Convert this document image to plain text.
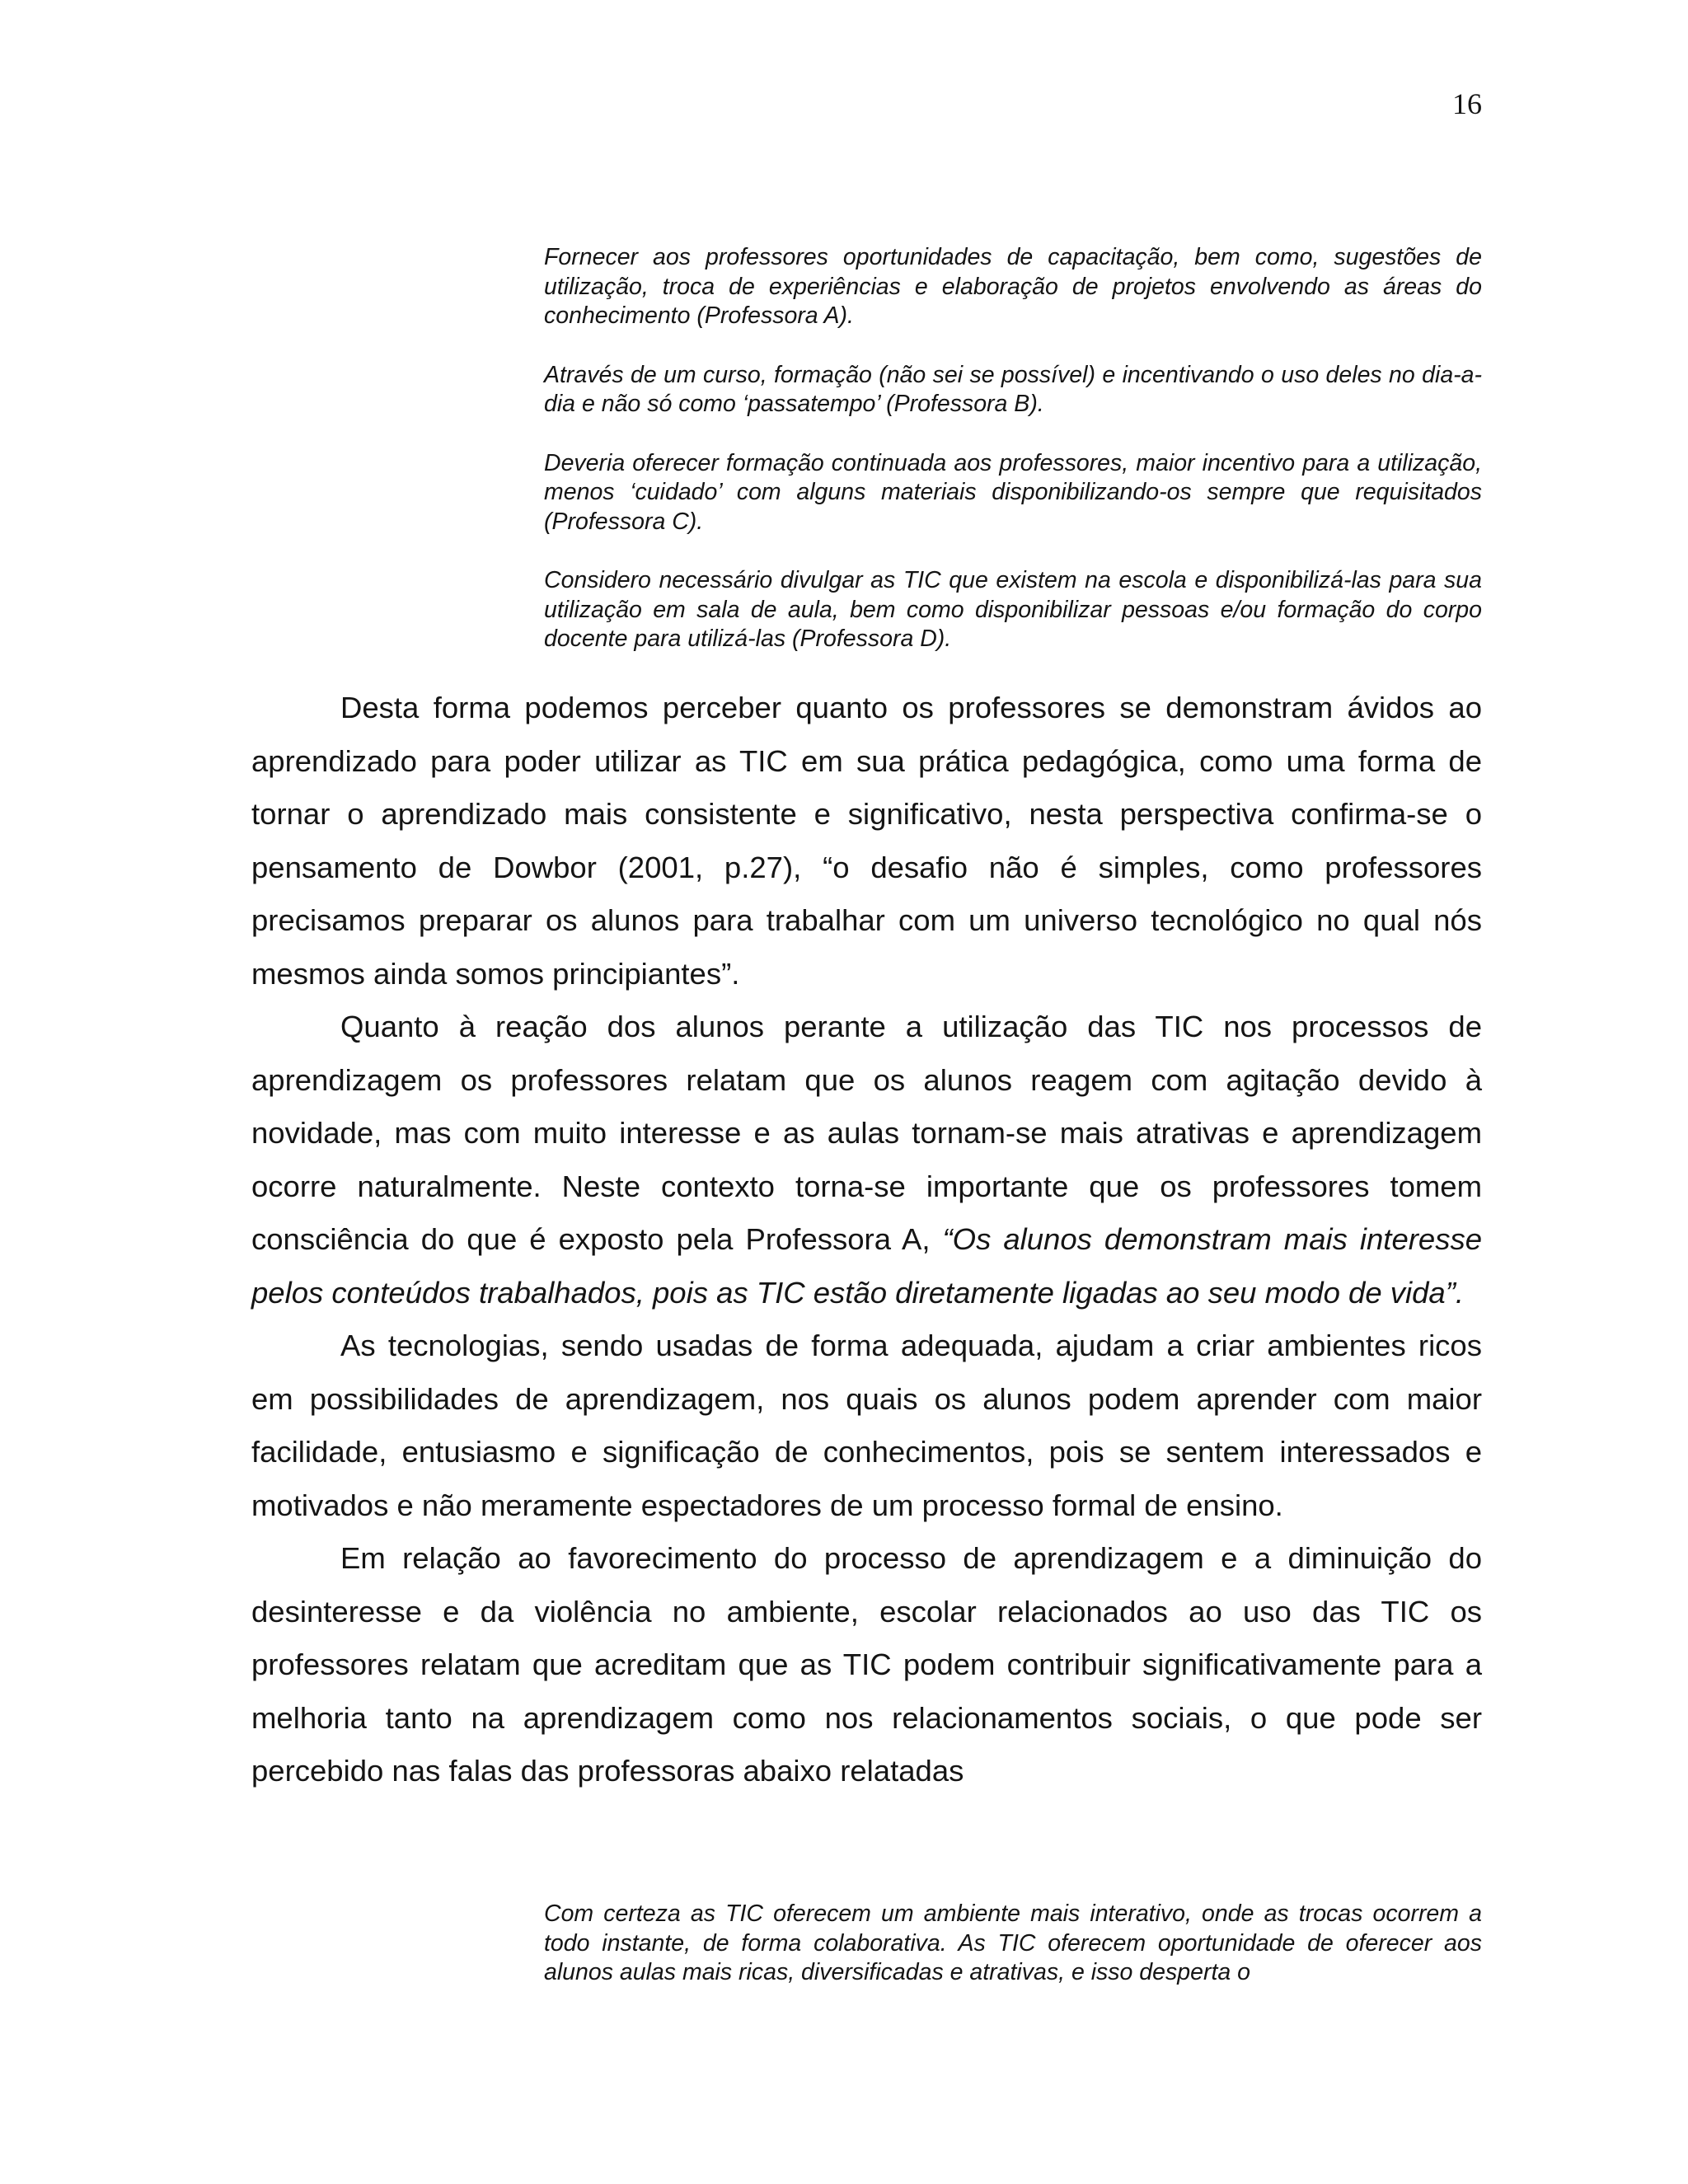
16

Fornecer aos professores oportunidades de capacitação, bem como, sugestões de utilização, troca de experiências e elaboração de projetos envolvendo as áreas do conhecimento (Professora A).

Através de um curso, formação (não sei se possível) e incentivando o uso deles no dia-a-dia e não só como ‘passatempo’ (Professora B).

Deveria oferecer formação continuada aos professores, maior incentivo para a utilização, menos ‘cuidado’ com alguns materiais disponibilizando-os sempre que requisitados (Professora C).

Considero necessário divulgar as TIC que existem na escola e disponibilizá-las para sua utilização em sala de aula, bem como disponibilizar pessoas e/ou formação do corpo docente para utilizá-las (Professora D).

Desta forma podemos perceber quanto os professores se demonstram ávidos ao aprendizado para poder utilizar as TIC em sua prática pedagógica, como uma forma de tornar o aprendizado mais consistente e significativo, nesta perspectiva confirma-se o pensamento de Dowbor (2001, p.27), “o desafio não é simples, como professores precisamos preparar os alunos para trabalhar com um universo tecnológico no qual nós mesmos ainda somos principiantes”.

Quanto à reação dos alunos perante a utilização das TIC nos processos de aprendizagem os professores relatam que os alunos reagem com agitação devido à novidade, mas com muito interesse e as aulas tornam-se mais atrativas e aprendizagem ocorre naturalmente. Neste contexto torna-se importante que os professores tomem consciência do que é exposto pela Professora A, “Os alunos demonstram mais interesse pelos conteúdos trabalhados, pois as TIC estão diretamente ligadas ao seu modo de vida”.

As tecnologias, sendo usadas de forma adequada, ajudam a criar ambientes ricos em possibilidades de aprendizagem, nos quais os alunos podem aprender com maior facilidade, entusiasmo e significação de conhecimentos, pois se sentem interessados e motivados e não meramente espectadores de um processo formal de ensino.

Em relação ao favorecimento do processo de aprendizagem e a diminuição do desinteresse e da violência no ambiente, escolar relacionados ao uso das TIC os professores relatam que acreditam que as TIC podem contribuir significativamente para a melhoria tanto na aprendizagem como nos relacionamentos sociais, o que pode ser percebido nas falas das professoras abaixo relatadas

Com certeza as TIC oferecem um ambiente mais interativo, onde as trocas ocorrem a todo instante, de forma colaborativa. As TIC oferecem oportunidade de oferecer aos alunos aulas mais ricas, diversificadas e atrativas, e isso desperta o
